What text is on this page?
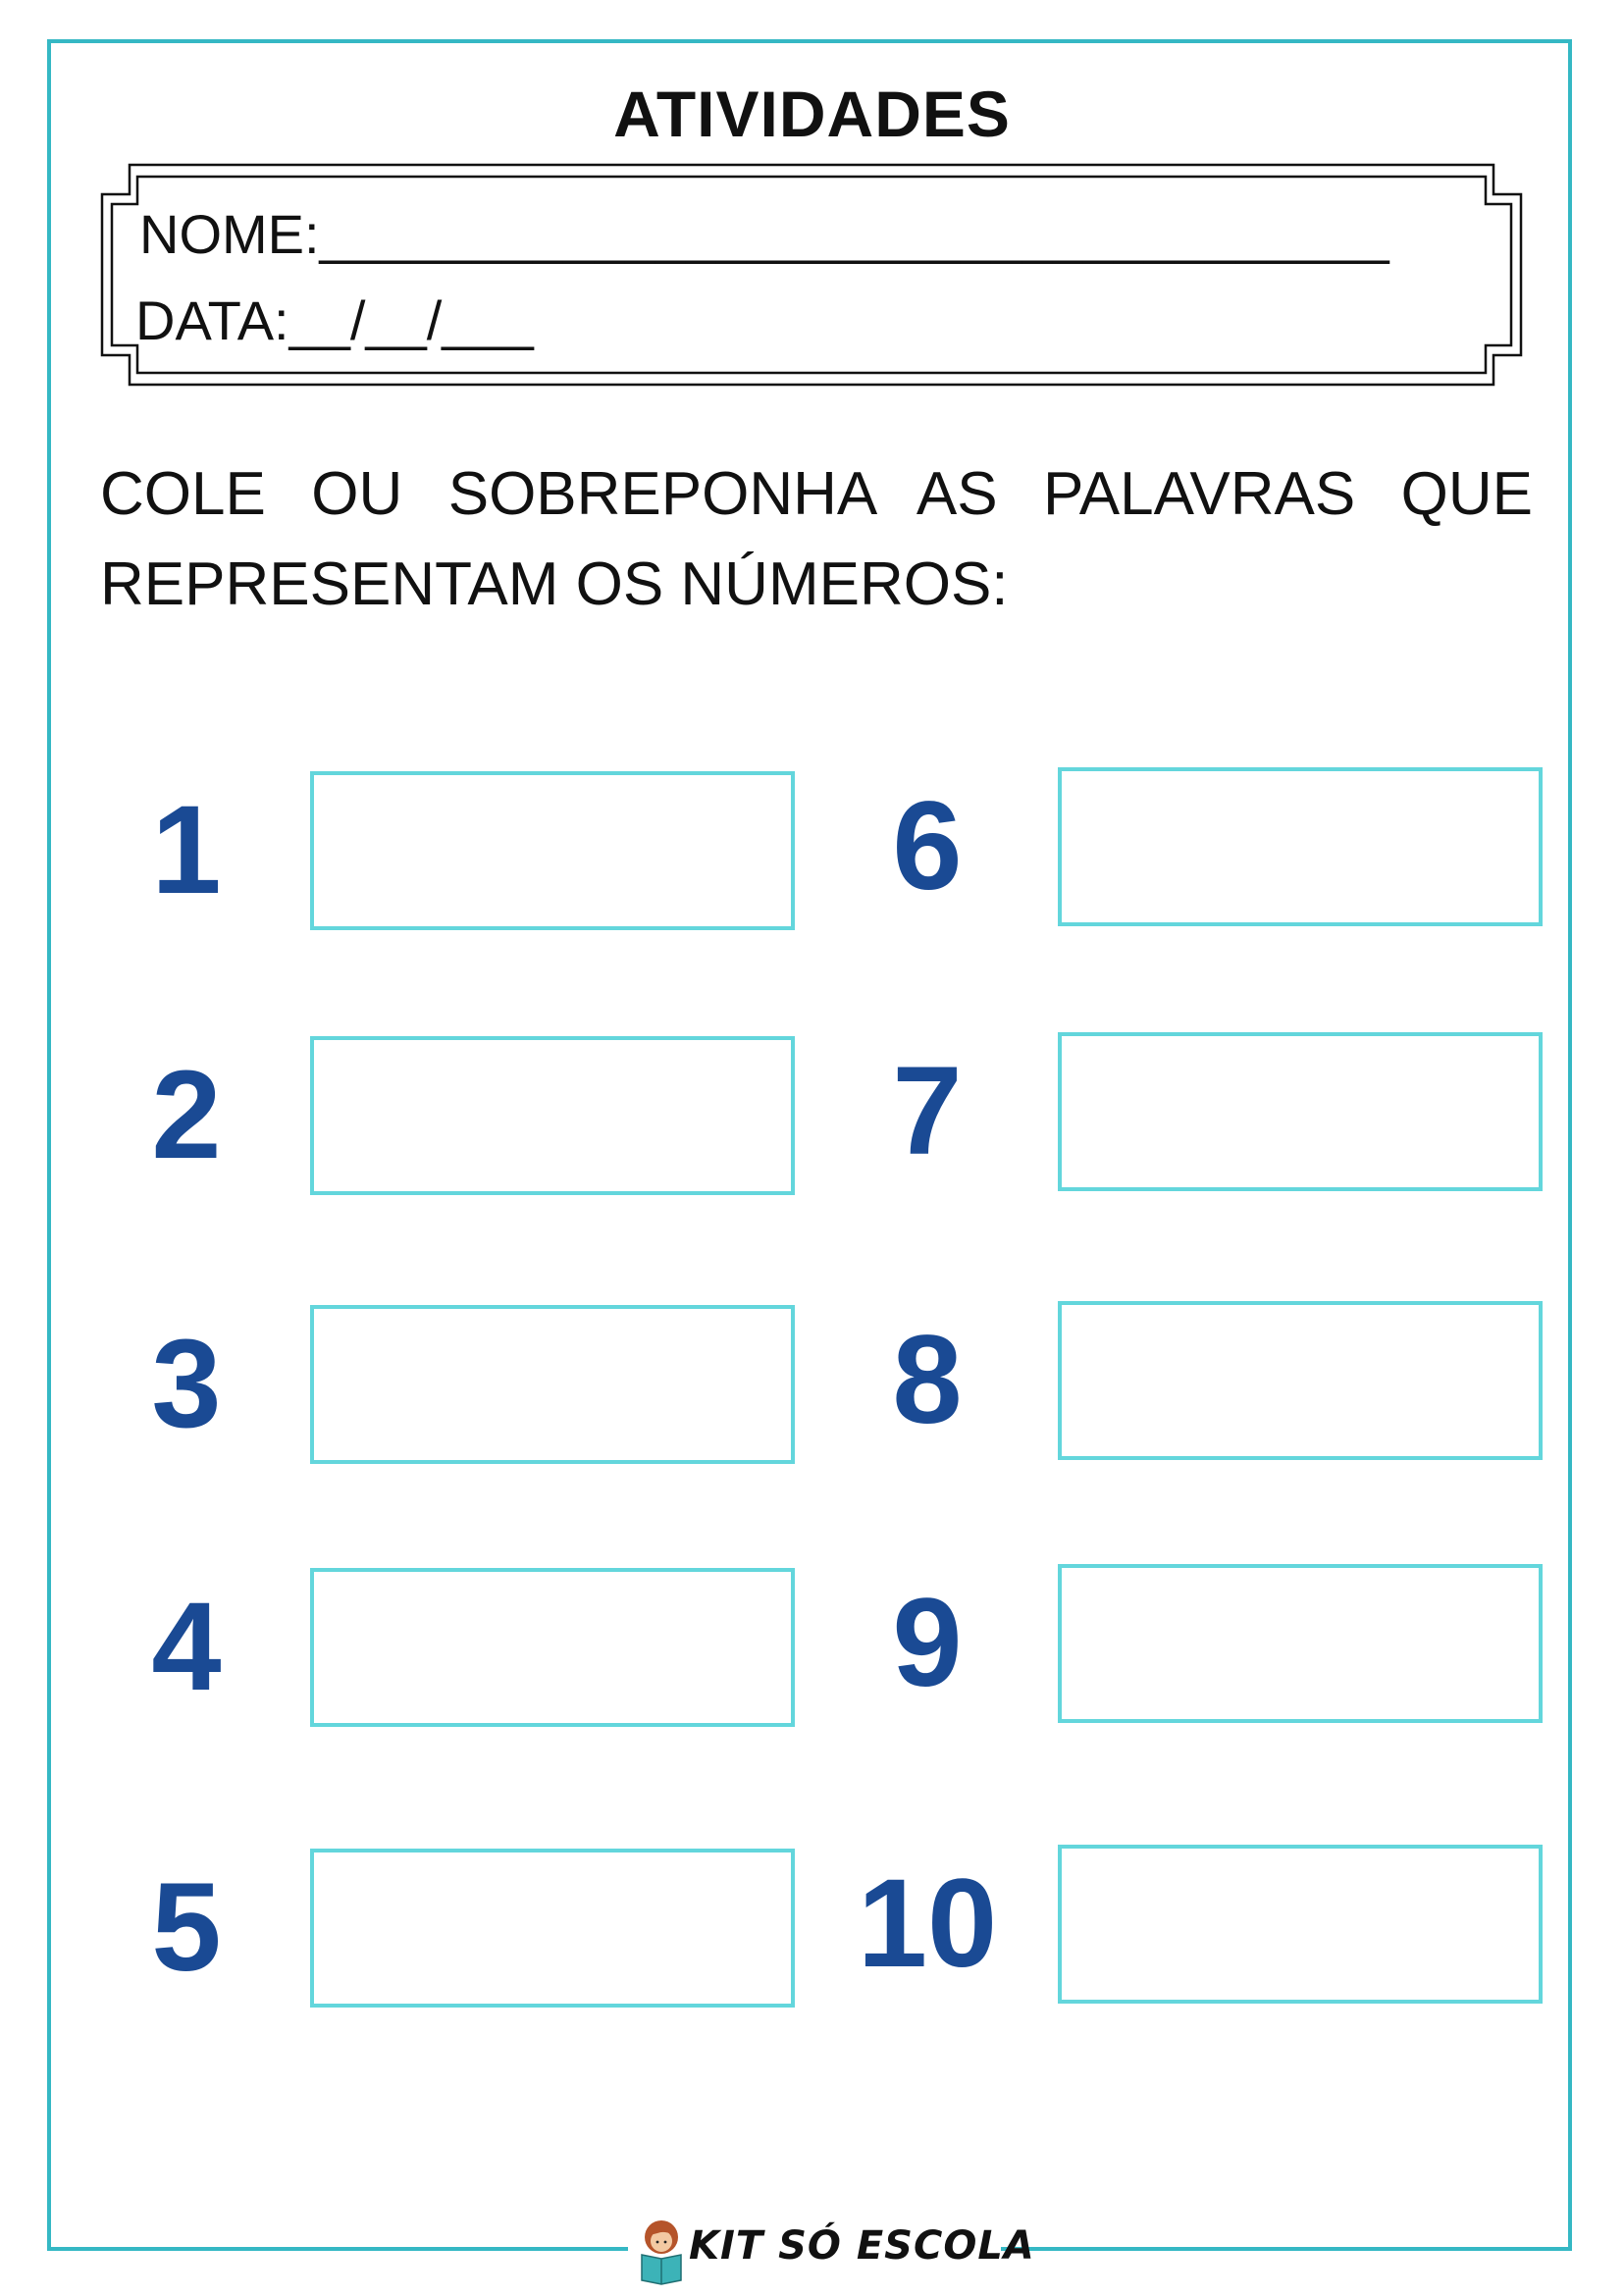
ATIVIDADES
NOME:___________________________________
DATA:__/__/___
COLE OU SOBREPONHA AS PALAVRAS QUE REPRESENTAM OS NÚMEROS:
1
2
3
4
5
6
7
8
9
10
KIT SÓ ESCOLA
